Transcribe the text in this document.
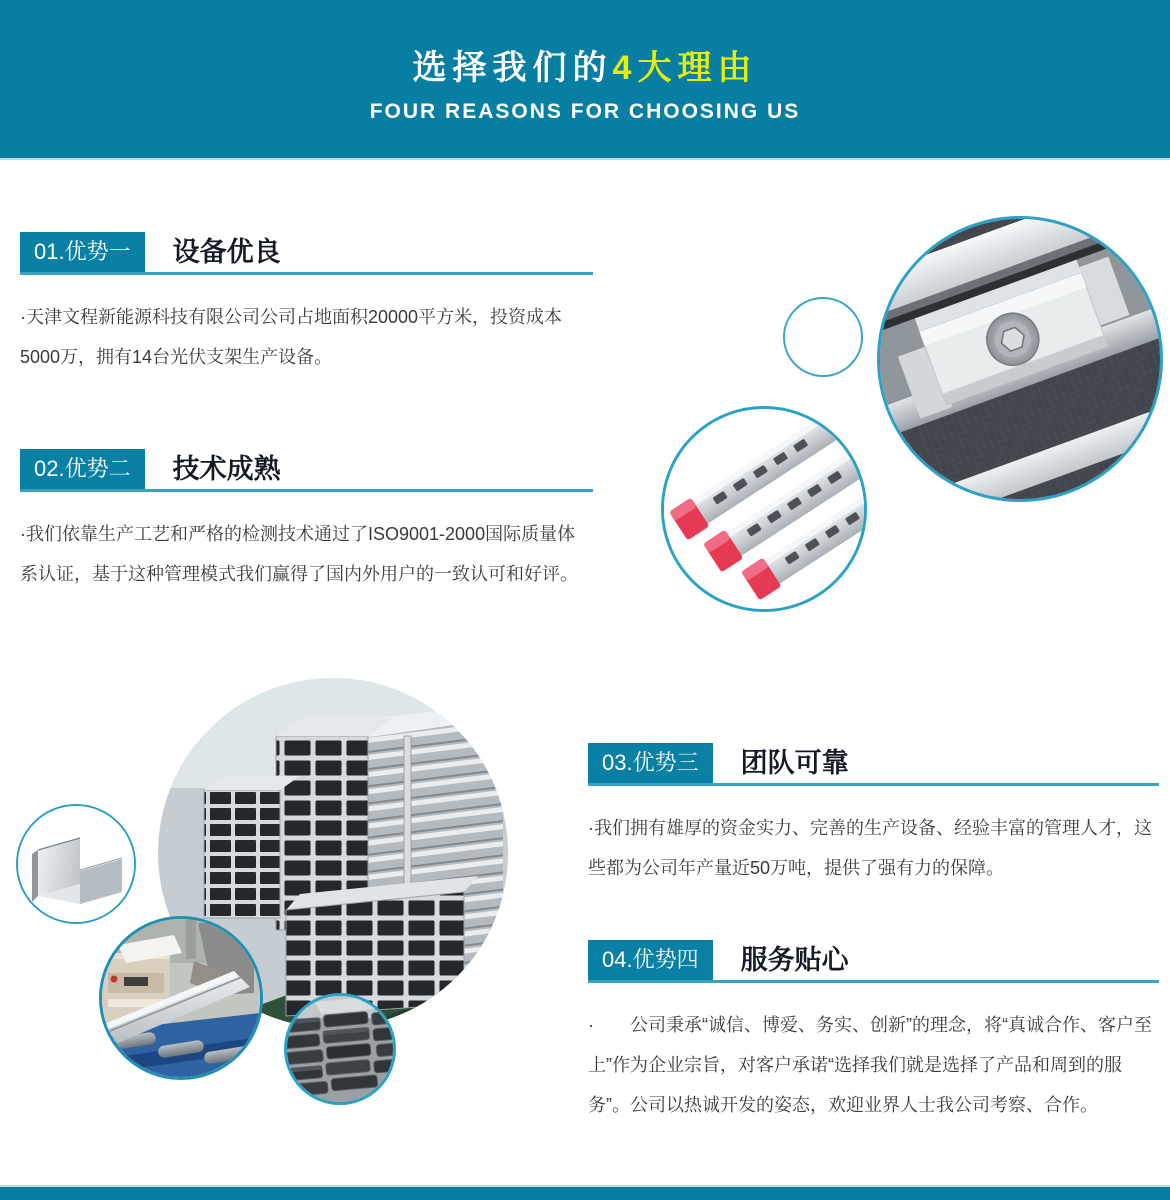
选择我们的4大理由
FOUR REASONS FOR CHOOSING US
01.优势一	设备优良

·天津文程新能源科技有限公司公司占地面积20000平方米，投资成本5000万，拥有14台光伏支架生产设备。

02.优势二	技术成熟

·我们依靠生产工艺和严格的检测技术通过了ISO9001-2000国际质量体系认证，基于这种管理模式我们赢得了国内外用户的一致认可和好评。

03.优势三	团队可靠

·我们拥有雄厚的资金实力、完善的生产设备、经验丰富的管理人才，这些都为公司年产量近50万吨，提供了强有力的保障。

04.优势四	服务贴心

·　　公司秉承“诚信、博爱、务实、创新”的理念，将“真诚合作、客户至上”作为企业宗旨，对客户承诺“选择我们就是选择了产品和周到的服务”。公司以热诚开发的姿态，欢迎业界人士我公司考察、合作。
